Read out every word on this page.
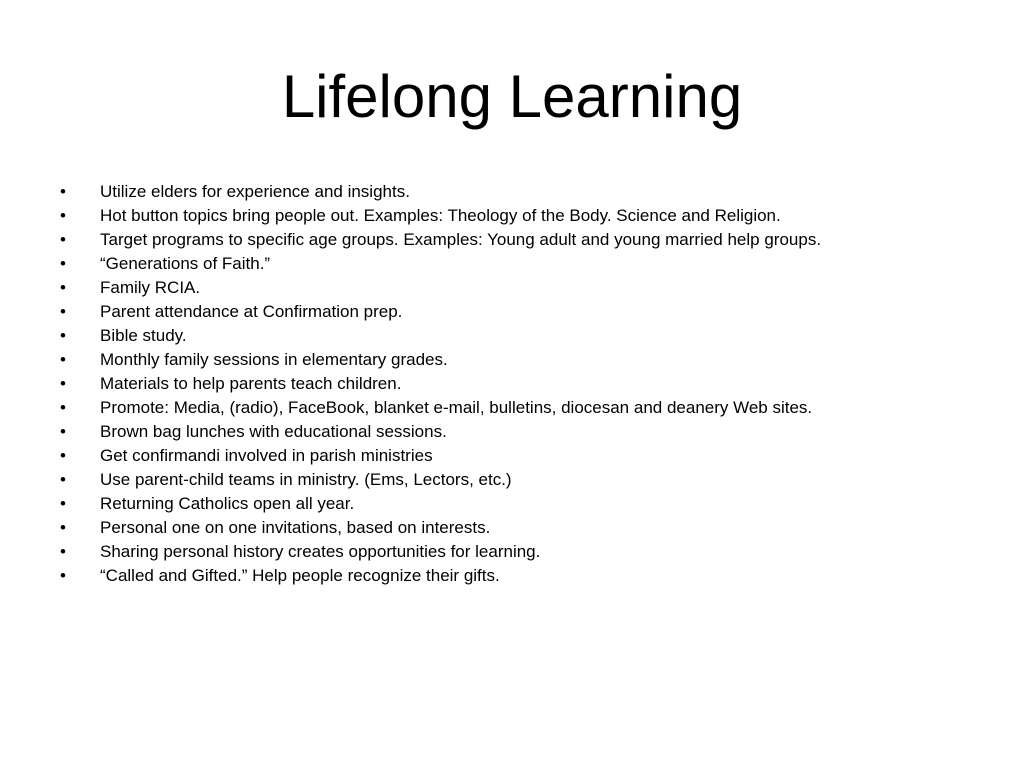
Lifelong Learning
•	Utilize elders for experience and insights.
•	Hot button topics bring people out. Examples: Theology of the Body. Science and Religion.
•	Target programs to specific age groups. Examples: Young adult and young married help groups.
•	“Generations of Faith.”
•	Family RCIA.
•	Parent attendance at Confirmation prep.
•	Bible study.
•	Monthly family sessions in elementary grades.
•	Materials to help parents teach children.
•	Promote: Media, (radio), FaceBook, blanket e-mail, bulletins, diocesan and deanery Web sites.
•	Brown bag lunches with educational sessions.
•	Get confirmandi involved in parish ministries
•	Use parent-child teams in ministry. (Ems, Lectors, etc.)
•	Returning Catholics open all year.
•	Personal one on one invitations, based on interests.
•	Sharing personal history creates opportunities for learning.
•	“Called and Gifted.” Help people recognize their gifts.
